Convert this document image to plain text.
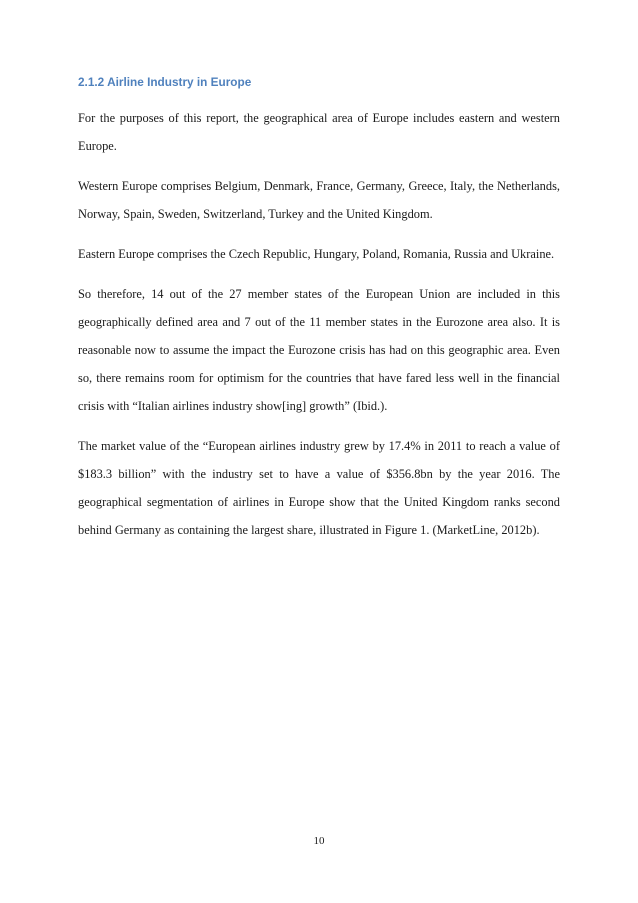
2.1.2 Airline Industry in Europe

For the purposes of this report, the geographical area of Europe includes eastern and western Europe.

Western Europe comprises Belgium, Denmark, France, Germany, Greece, Italy, the Netherlands, Norway, Spain, Sweden, Switzerland, Turkey and the United Kingdom.

Eastern Europe comprises the Czech Republic, Hungary, Poland, Romania, Russia and Ukraine.

So therefore, 14 out of the 27 member states of the European Union are included in this geographically defined area and 7 out of the 11 member states in the Eurozone area also. It is reasonable now to assume the impact the Eurozone crisis has had on this geographic area. Even so, there remains room for optimism for the countries that have fared less well in the financial crisis with “Italian airlines industry show[ing] growth” (Ibid.).

The market value of the “European airlines industry grew by 17.4% in 2011 to reach a value of $183.3 billion” with the industry set to have a value of $356.8bn by the year 2016. The geographical segmentation of airlines in Europe show that the United Kingdom ranks second behind Germany as containing the largest share, illustrated in Figure 1. (MarketLine, 2012b).

10
